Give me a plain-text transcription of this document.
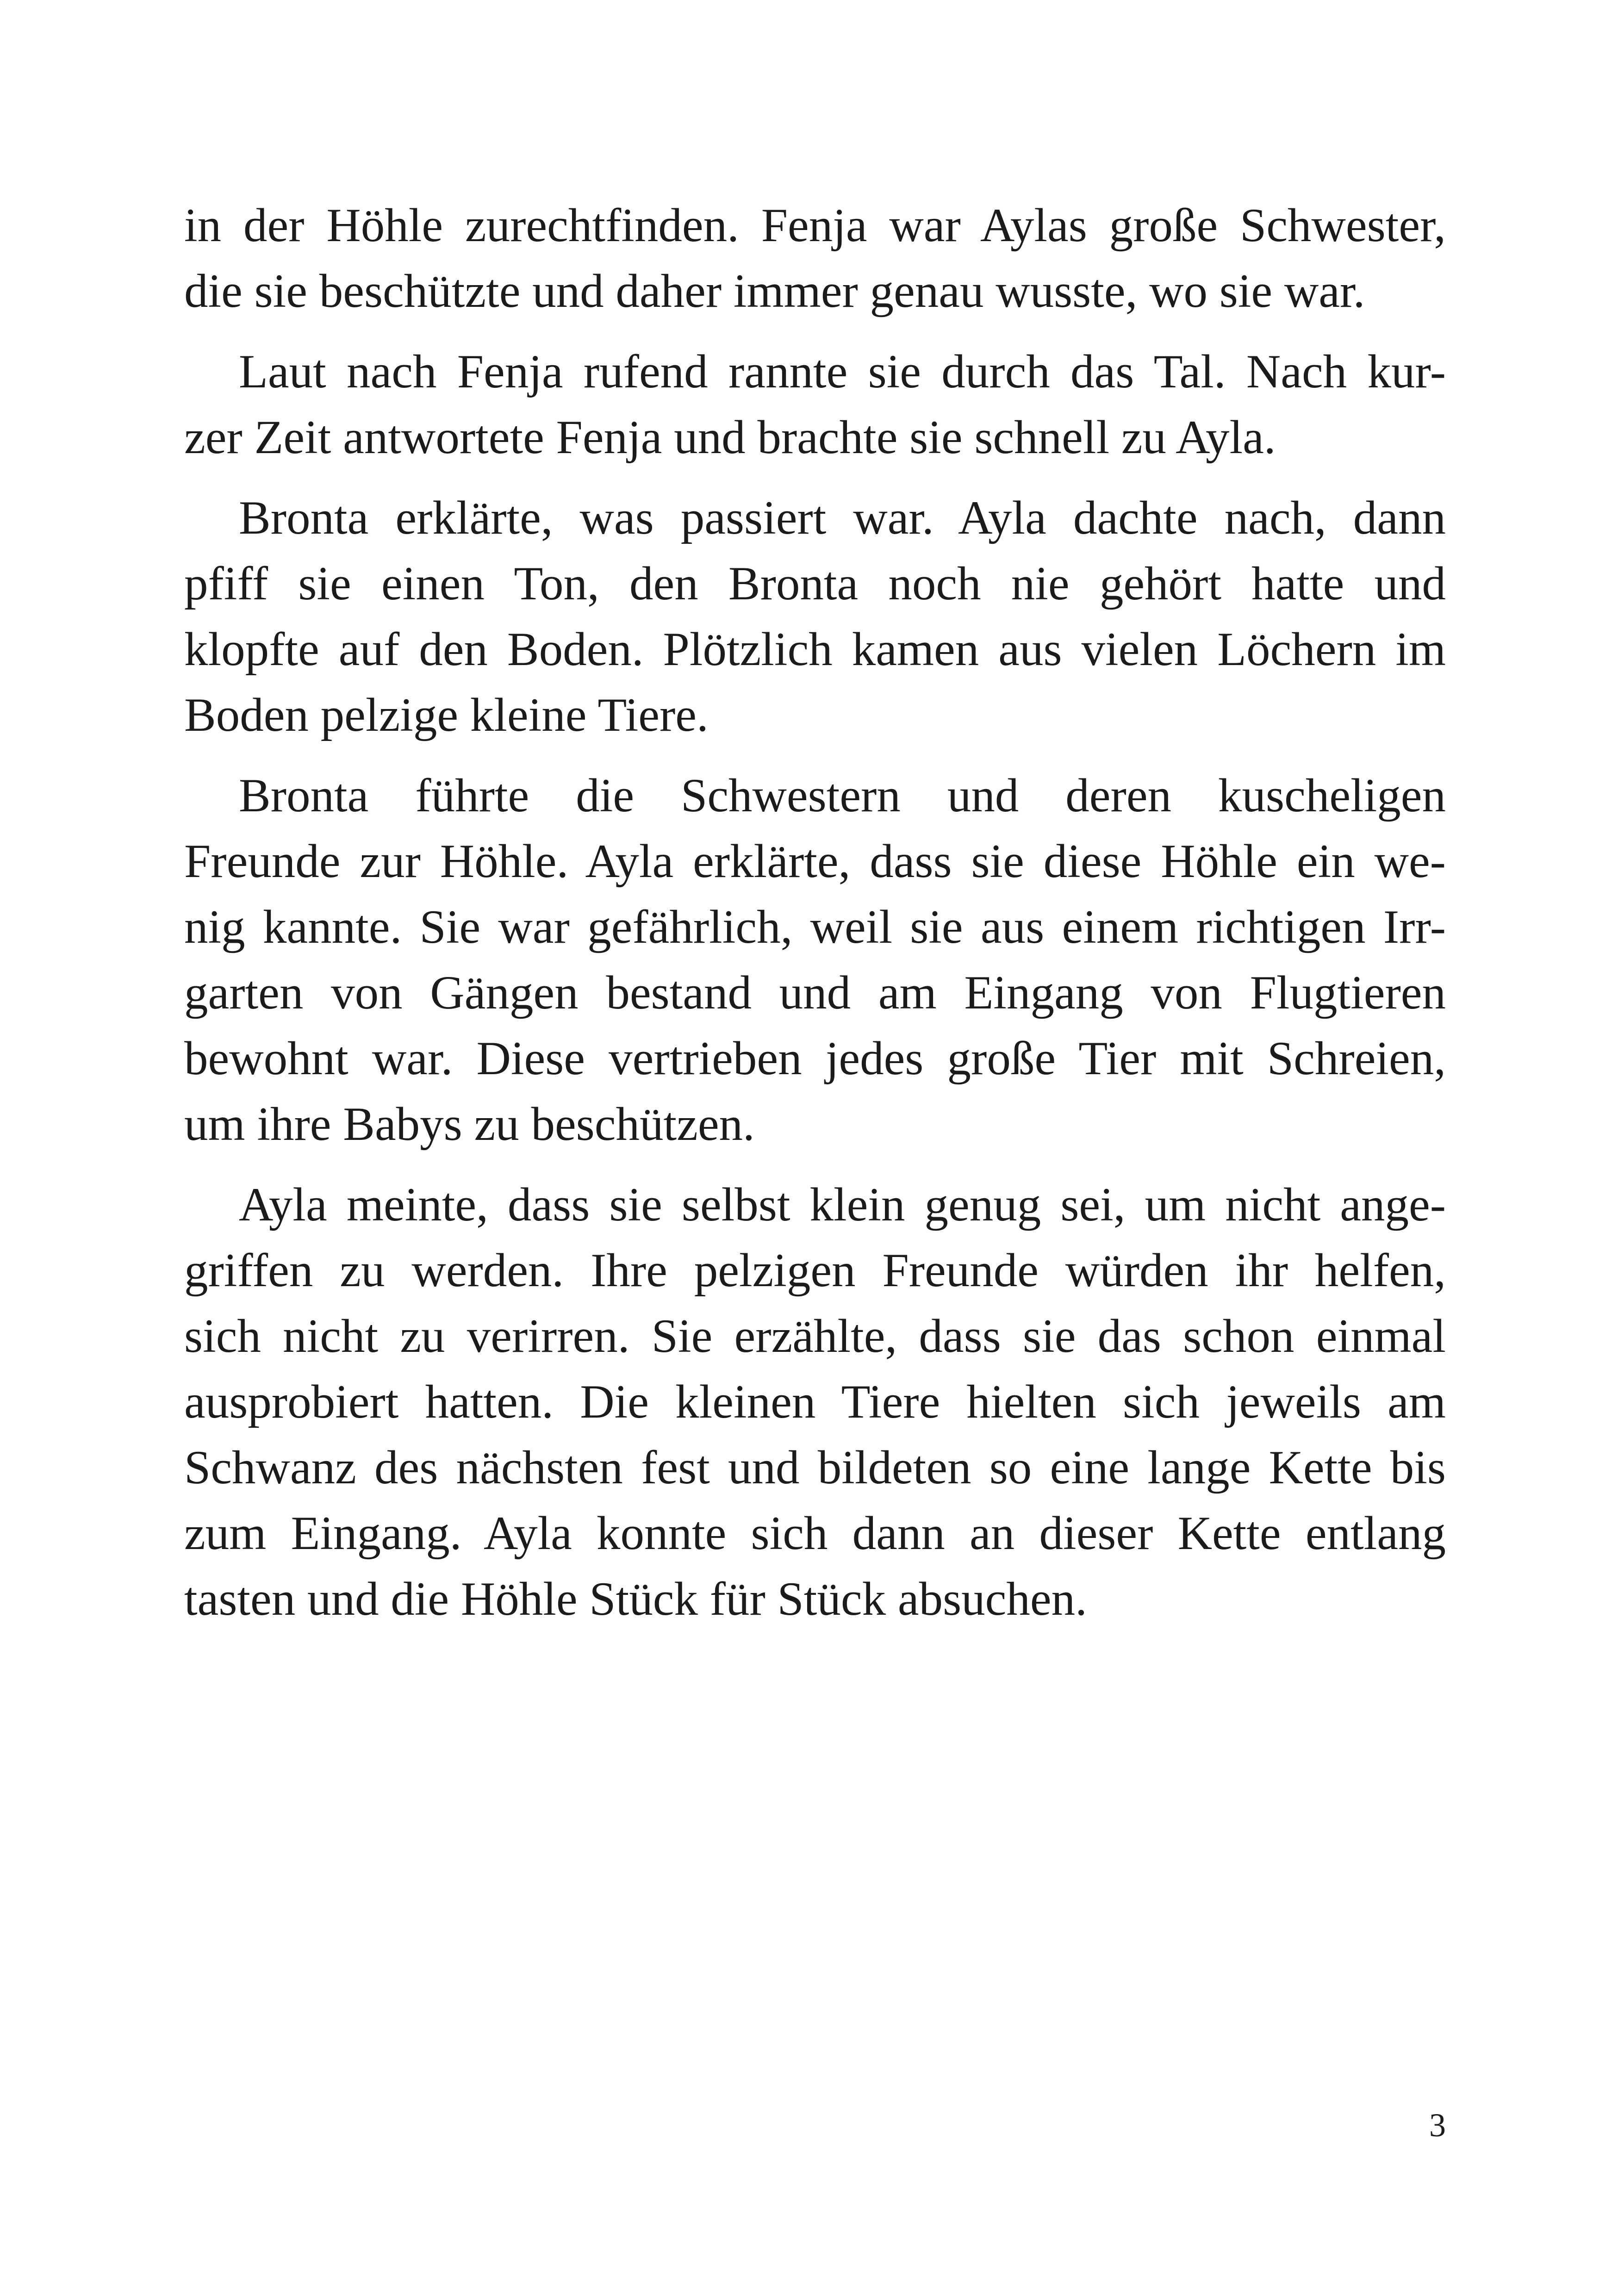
in der Höhle zurechtfinden. Fenja war Aylas große Schwester,
die sie beschützte und daher immer genau wusste, wo sie war.
Laut nach Fenja rufend rannte sie durch das Tal. Nach kur-
zer Zeit antwortete Fenja und brachte sie schnell zu Ayla.
Bronta erklärte, was passiert war. Ayla dachte nach, dann
pfiff sie einen Ton, den Bronta noch nie gehört hatte und
klopfte auf den Boden. Plötzlich kamen aus vielen Löchern im
Boden pelzige kleine Tiere.
Bronta führte die Schwestern und deren kuscheligen
Freunde zur Höhle. Ayla erklärte, dass sie diese Höhle ein we-
nig kannte. Sie war gefährlich, weil sie aus einem richtigen Irr-
garten von Gängen bestand und am Eingang von Flugtieren
bewohnt war. Diese vertrieben jedes große Tier mit Schreien,
um ihre Babys zu beschützen.
Ayla meinte, dass sie selbst klein genug sei, um nicht ange-
griffen zu werden. Ihre pelzigen Freunde würden ihr helfen,
sich nicht zu verirren. Sie erzählte, dass sie das schon einmal
ausprobiert hatten. Die kleinen Tiere hielten sich jeweils am
Schwanz des nächsten fest und bildeten so eine lange Kette bis
zum Eingang. Ayla konnte sich dann an dieser Kette entlang
tasten und die Höhle Stück für Stück absuchen.
3
